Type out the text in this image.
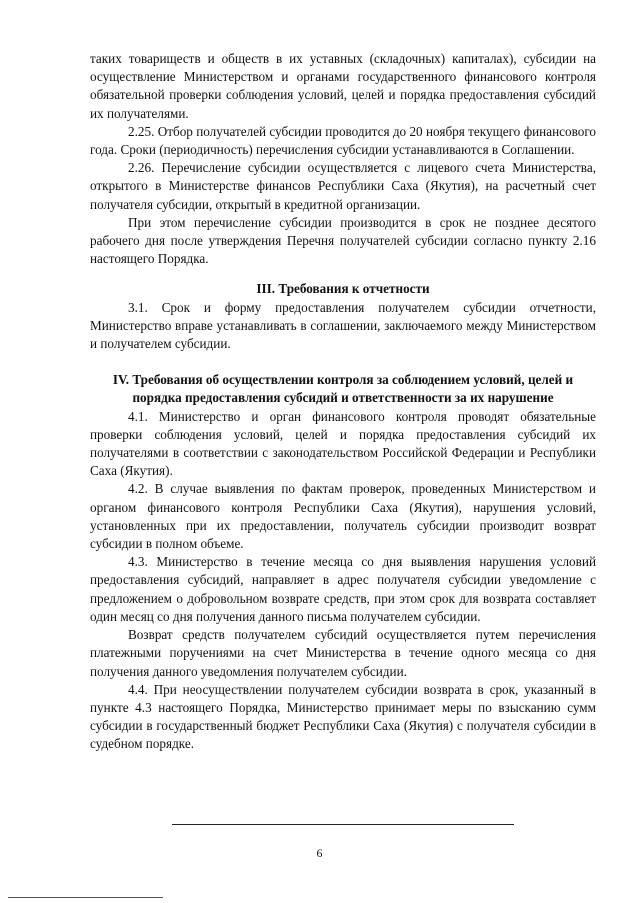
таких товариществ и обществ в их уставных (складочных) капиталах), субсидии на осуществление Министерством и органами государственного финансового контроля обязательной проверки соблюдения условий, целей и порядка предоставления субсидий их получателями.

2.25. Отбор получателей субсидии проводится до 20 ноября текущего финансового года. Сроки (периодичность) перечисления субсидии устанавливаются в Соглашении.

2.26. Перечисление субсидии осуществляется с лицевого счета Министерства, открытого в Министерстве финансов Республики Саха (Якутия), на расчетный счет получателя субсидии, открытый в кредитной организации.

При этом перечисление субсидии производится в срок не позднее десятого рабочего дня после утверждения Перечня получателей субсидии согласно пункту 2.16 настоящего Порядка.

III. Требования к отчетности

3.1. Срок и форму предоставления получателем субсидии отчетности, Министерство вправе устанавливать в соглашении, заключаемого между Министерством и получателем субсидии.

IV. Требования об осуществлении контроля за соблюдением условий, целей и порядка предоставления субсидий и ответственности за их нарушение

4.1. Министерство и орган финансового контроля проводят обязательные проверки соблюдения условий, целей и порядка предоставления субсидий их получателями в соответствии с законодательством Российской Федерации и Республики Саха (Якутия).

4.2. В случае выявления по фактам проверок, проведенных Министерством и органом финансового контроля Республики Саха (Якутия), нарушения условий, установленных при их предоставлении, получатель субсидии производит возврат субсидии в полном объеме.

4.3. Министерство в течение месяца со дня выявления нарушения условий предоставления субсидий, направляет в адрес получателя субсидии уведомление с предложением о добровольном возврате средств, при этом срок для возврата составляет один месяц со дня получения данного письма получателем субсидии.

Возврат средств получателем субсидий осуществляется путем перечисления платежными поручениями на счет Министерства в течение одного месяца со дня получения данного уведомления получателем субсидии.

4.4. При неосуществлении получателем субсидии возврата в срок, указанный в пункте 4.3 настоящего Порядка, Министерство принимает меры по взысканию сумм субсидии в государственный бюджет Республики Саха (Якутия) с получателя субсидии в судебном порядке.

6
